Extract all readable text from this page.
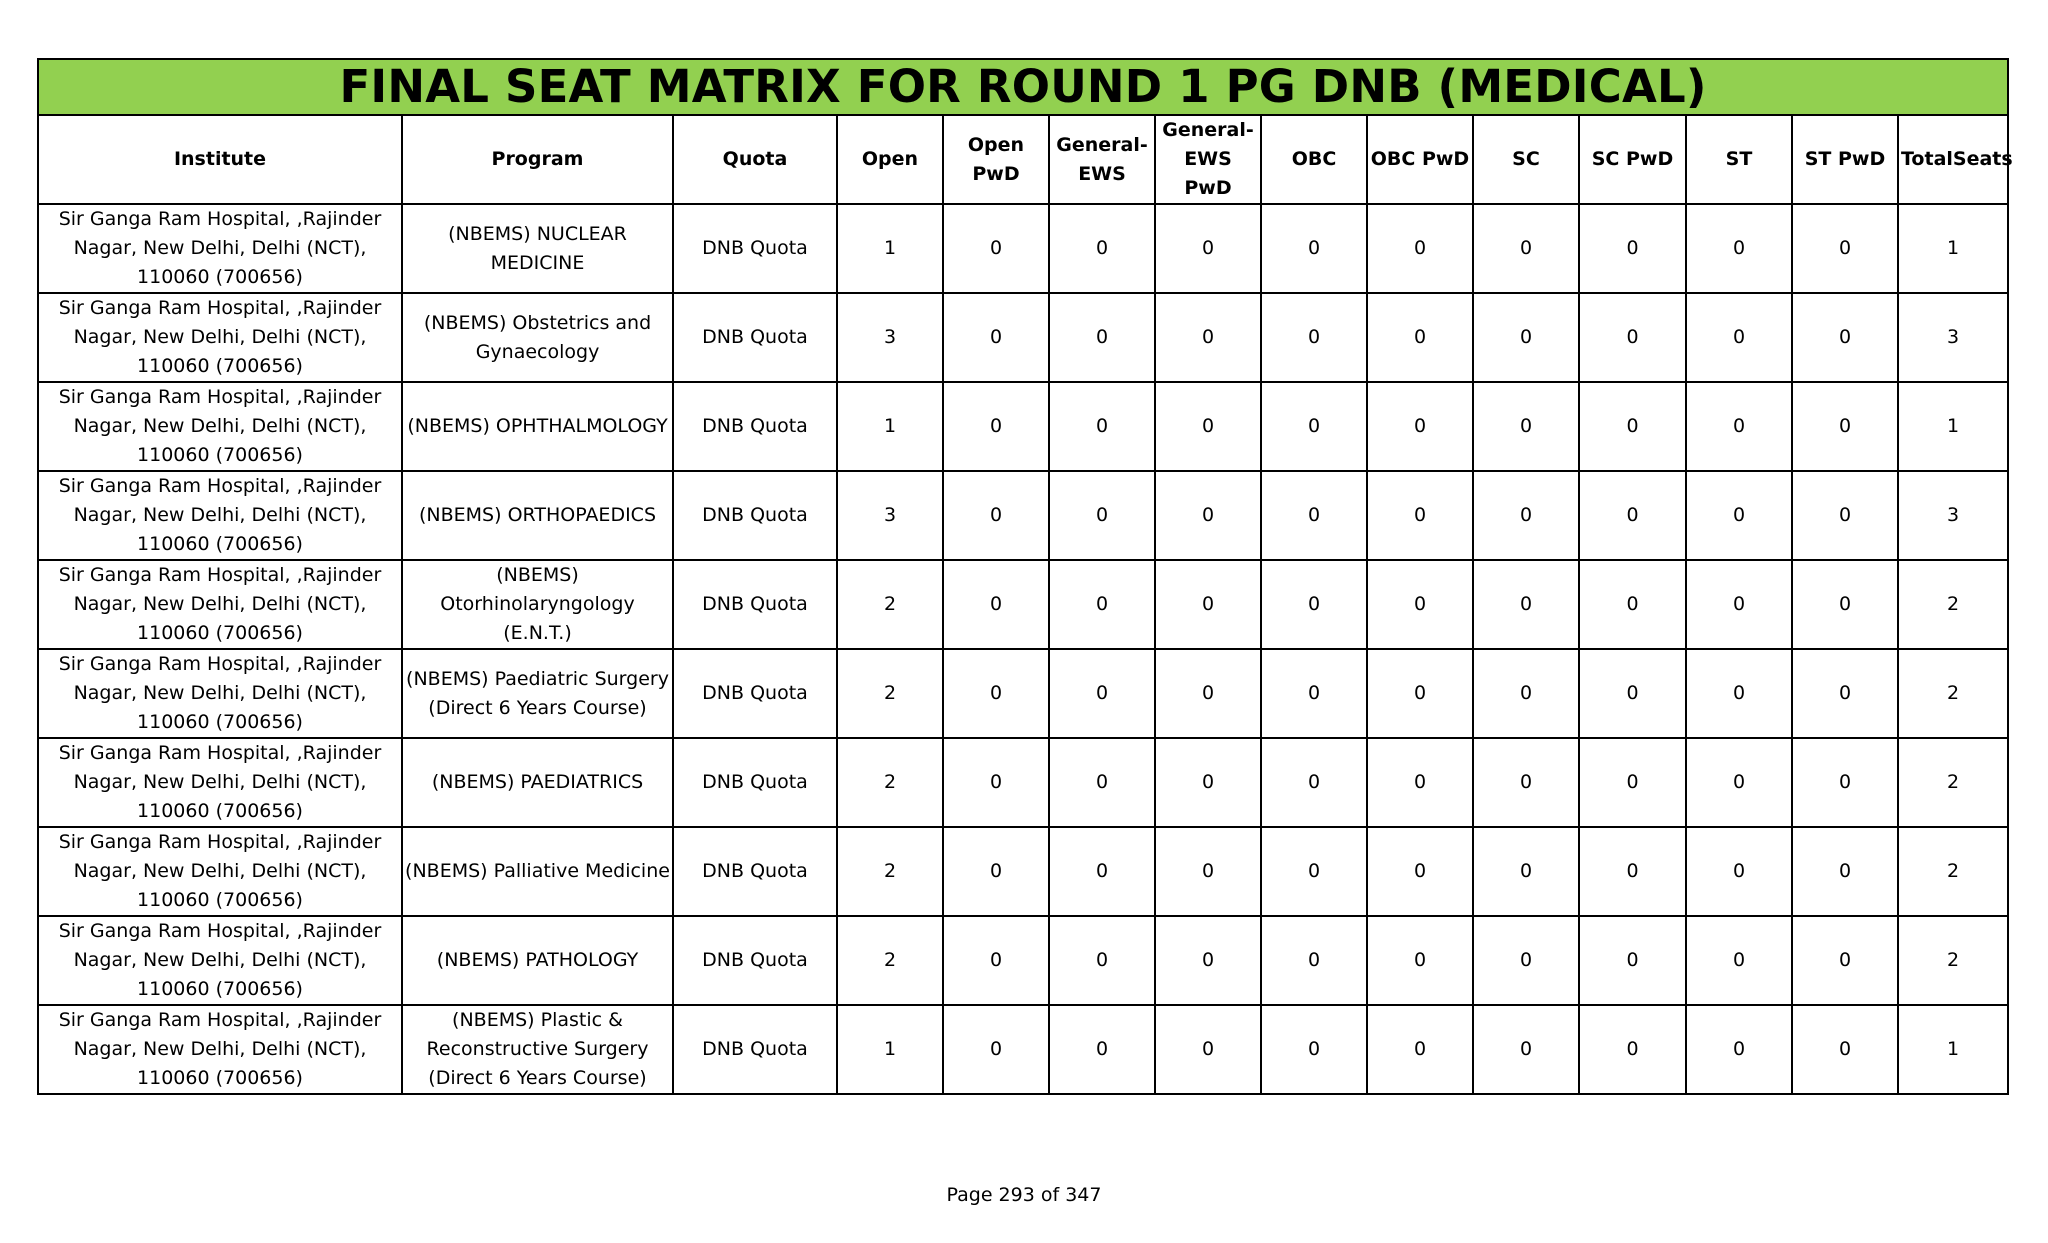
FINAL SEAT MATRIX FOR ROUND 1 PG DNB (MEDICAL)													
Institute	Program	Quota	Open	Open PwD	General-EWS	General-EWS PwD	OBC	OBC PwD	SC	SC PwD	ST	ST PwD	TotalSeats
Sir Ganga Ram Hospital, ,Rajinder Nagar, New Delhi, Delhi (NCT), 110060 (700656)	(NBEMS) NUCLEAR MEDICINE	DNB Quota	1	0	0	0	0	0	0	0	0	0	1
Sir Ganga Ram Hospital, ,Rajinder Nagar, New Delhi, Delhi (NCT), 110060 (700656)	(NBEMS) Obstetrics and Gynaecology	DNB Quota	3	0	0	0	0	0	0	0	0	0	3
Sir Ganga Ram Hospital, ,Rajinder Nagar, New Delhi, Delhi (NCT), 110060 (700656)	(NBEMS) OPHTHALMOLOGY	DNB Quota	1	0	0	0	0	0	0	0	0	0	1
Sir Ganga Ram Hospital, ,Rajinder Nagar, New Delhi, Delhi (NCT), 110060 (700656)	(NBEMS) ORTHOPAEDICS	DNB Quota	3	0	0	0	0	0	0	0	0	0	3
Sir Ganga Ram Hospital, ,Rajinder Nagar, New Delhi, Delhi (NCT), 110060 (700656)	(NBEMS) Otorhinolaryngology (E.N.T.)	DNB Quota	2	0	0	0	0	0	0	0	0	0	2
Sir Ganga Ram Hospital, ,Rajinder Nagar, New Delhi, Delhi (NCT), 110060 (700656)	(NBEMS) Paediatric Surgery (Direct 6 Years Course)	DNB Quota	2	0	0	0	0	0	0	0	0	0	2
Sir Ganga Ram Hospital, ,Rajinder Nagar, New Delhi, Delhi (NCT), 110060 (700656)	(NBEMS) PAEDIATRICS	DNB Quota	2	0	0	0	0	0	0	0	0	0	2
Sir Ganga Ram Hospital, ,Rajinder Nagar, New Delhi, Delhi (NCT), 110060 (700656)	(NBEMS) Palliative Medicine	DNB Quota	2	0	0	0	0	0	0	0	0	0	2
Sir Ganga Ram Hospital, ,Rajinder Nagar, New Delhi, Delhi (NCT), 110060 (700656)	(NBEMS) PATHOLOGY	DNB Quota	2	0	0	0	0	0	0	0	0	0	2
Sir Ganga Ram Hospital, ,Rajinder Nagar, New Delhi, Delhi (NCT), 110060 (700656)	(NBEMS) Plastic & Reconstructive Surgery (Direct 6 Years Course)	DNB Quota	1	0	0	0	0	0	0	0	0	0	1
Page 293 of 347
